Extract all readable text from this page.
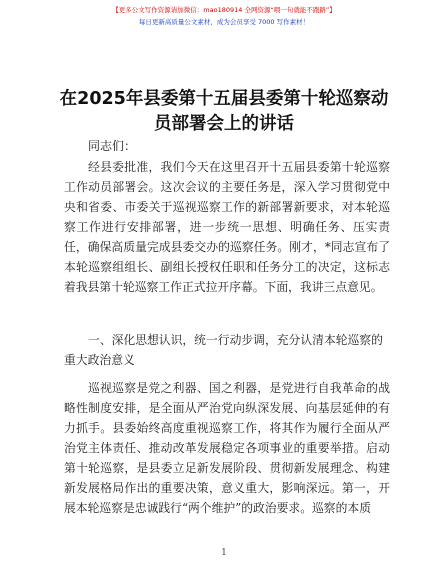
【更多公文写作资源请加微信：mao180914 全网资源“喂一句就能不跑路”】
每日更新高质量公文素材，成为会员享受 7000 写作素材！
在2025年县委第十五届县委第十轮巡察动员部署会上的讲话
同志们：
经县委批准，我们今天在这里召开十五届县委第十轮巡察工作动员部署会。这次会议的主要任务是，深入学习贯彻党中央和省委、市委关于巡视巡察工作的新部署新要求，对本轮巡察工作进行安排部署，进一步统一思想、明确任务、压实责任，确保高质量完成县委交办的巡察任务。刚才，*同志宣布了本轮巡察组组长、副组长授权任职和任务分工的决定，这标志着我县第十轮巡察工作正式拉开序幕。下面，我讲三点意见。
一、深化思想认识，统一行动步调，充分认清本轮巡察的重大政治意义
巡视巡察是党之利器、国之利器，是党进行自我革命的战略性制度安排，是全面从严治党向纵深发展、向基层延伸的有力抓手。县委始终高度重视巡察工作，将其作为履行全面从严治党主体责任、推动改革发展稳定各项事业的重要举措。启动第十轮巡察，是县委立足新发展阶段、贯彻新发展理念、构建新发展格局作出的重要决策，意义重大，影响深远。第一，开展本轮巡察是忠诚践行“两个维护”的政治要求。巡察的本质
1
